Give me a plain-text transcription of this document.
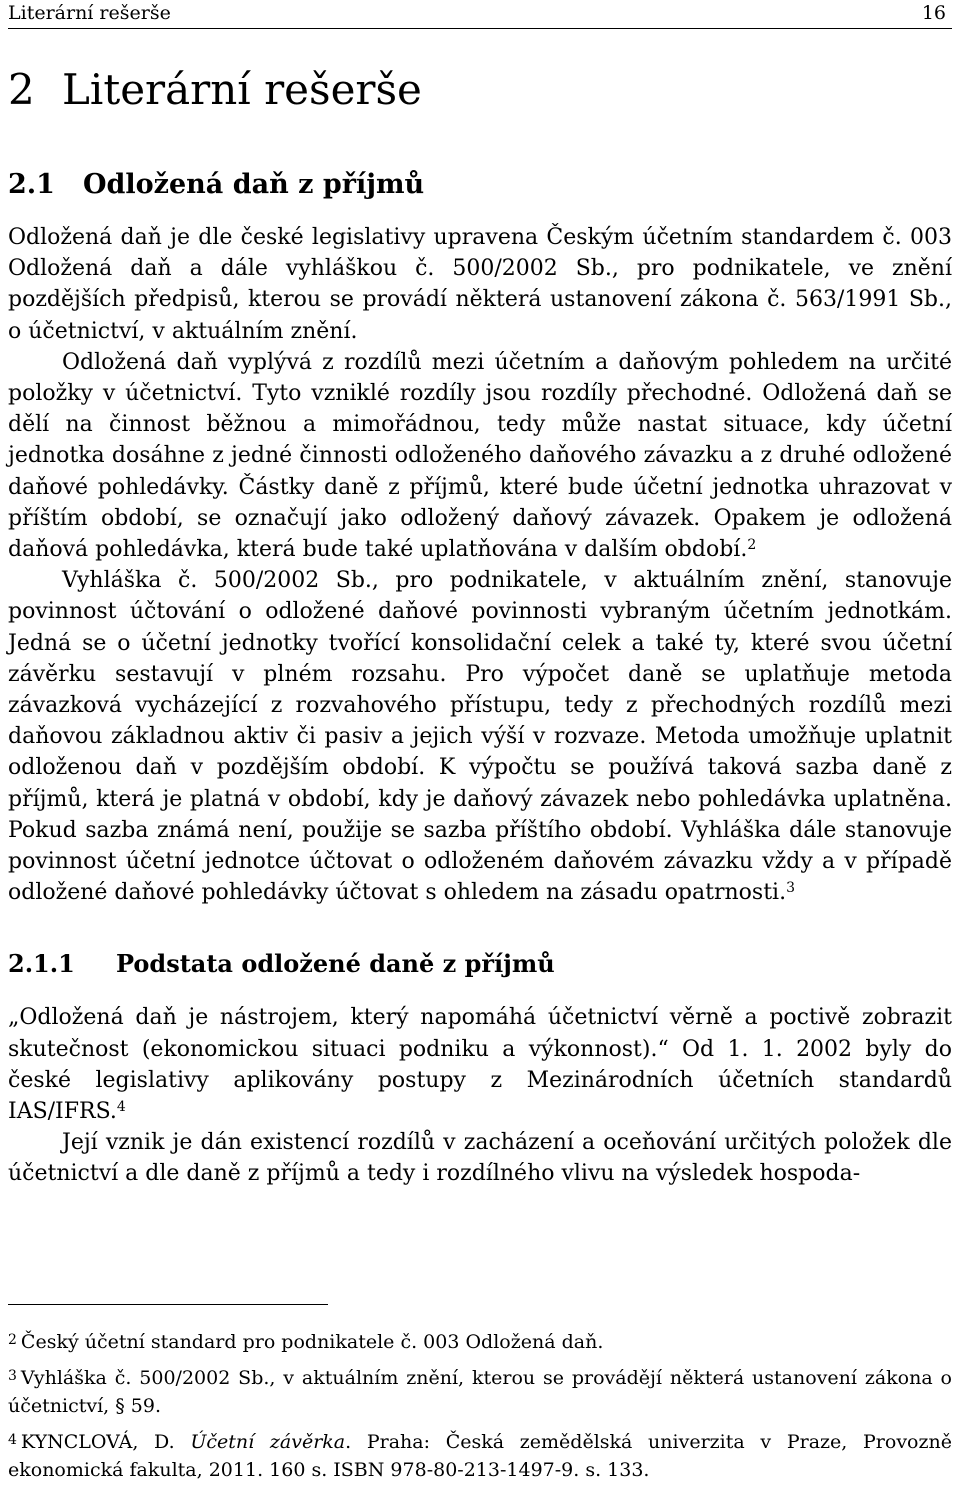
Literární rešerše	16
2 Literární rešerše
2.1 Odložená daň z příjmů

Odložená daň je dle české legislativy upravena Českým účetním standardem č. 003 Odložená daň a dále vyhláškou č. 500/2002 Sb., pro podnikatele, ve znění pozdějších předpisů, kterou se provádí některá ustanovení zákona č. 563/1991 Sb., o účetnictví, v aktuálním znění.

Odložená daň vyplývá z rozdílů mezi účetním a daňovým pohledem na určité položky v účetnictví. Tyto vzniklé rozdíly jsou rozdíly přechodné. Odložená daň se dělí na činnost běžnou a mimořádnou, tedy může nastat situace, kdy účetní jednotka dosáhne z jedné činnosti odloženého daňového závazku a z druhé odložené daňové pohledávky. Částky daně z příjmů, které bude účetní jednotka uhrazovat v příštím období, se označují jako odložený daňový závazek. Opakem je odložená daňová pohledávka, která bude také uplatňována v dalším období.$^2$

Vyhláška č. 500/2002 Sb., pro podnikatele, v aktuálním znění, stanovuje povinnost účtování o odložené daňové povinnosti vybraným účetním jednotkám. Jedná se o účetní jednotky tvořící konsolidační celek a také ty, které svou účetní závěrku sestavují v plném rozsahu. Pro výpočet daně se uplatňuje metoda závazková vycházející z rozvahového přístupu, tedy z přechodných rozdílů mezi daňovou základnou aktiv či pasiv a jejich výší v rozvaze. Metoda umožňuje uplatnit odloženou daň v pozdějším období. K výpočtu se používá taková sazba daně z příjmů, která je platná v období, kdy je daňový závazek nebo pohledávka uplatněna. Pokud sazba známá není, použije se sazba příštího období. Vyhláška dále stanovuje povinnost účetní jednotce účtovat o odloženém daňovém závazku vždy a v případě odložené daňové pohledávky účtovat s ohledem na zásadu opatrnosti.$^3$

2.1.1 Podstata odložené daně z příjmů

„Odložená daň je nástrojem, který napomáhá účetnictví věrně a poctivě zobrazit skutečnost (ekonomickou situaci podniku a výkonnost).“ Od 1. 1. 2002 byly do české legislativy aplikovány postupy z Mezinárodních účetních standardů IAS/IFRS.$^4$

Její vznik je dán existencí rozdílů v zacházení a oceňování určitých položek dle účetnictví a dle daně z příjmů a tedy i rozdílného vlivu na výsledek hospoda-

$^2$ Český účetní standard pro podnikatele č. 003 Odložená daň.

$^3$ Vyhláška č. 500/2002 Sb., v aktuálním znění, kterou se provádějí některá ustanovení zákona o účetnictví, § 59.

$^4$ KYNCLOVÁ, D. Účetní závěrka. Praha: Česká zemědělská univerzita v Praze, Provozně ekonomická fakulta, 2011. 160 s. ISBN 978-80-213-1497-9. s. 133.
